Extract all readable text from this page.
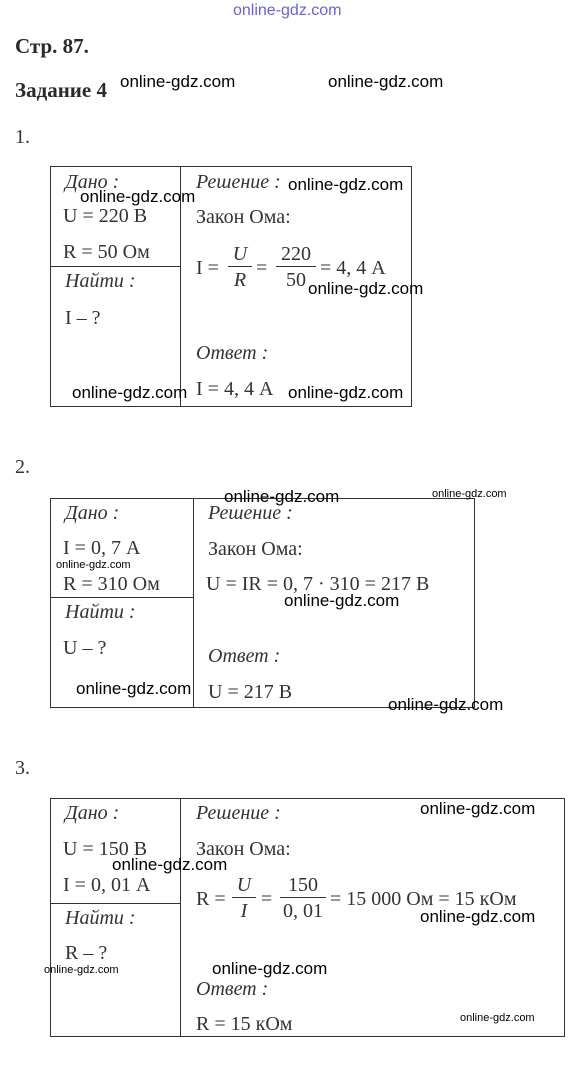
online-gdz.com
online-gdz.com	online-gdz.com
Стр. 87.
Задание 4
1.
Дано :
U = 220 В
R = 50 Ом
Найти :
I – ?
Решение :
Закон Ома:
$I = \frac{U}{R} = \frac{220}{50} = 4$, 4 А
Ответ :
I = 4, 4 А
online-gdz.com
online-gdz.com
online-gdz.com
online-gdz.com	online-gdz.com
2.
Дано :
I = 0, 7 А
R = 310 Ом
Найти :
U – ?
Решение :
Закон Ома:
U = IR = 0, 7 · 310 = 217 В
Ответ :
U = 217 В
online-gdz.com	online-gdz.com
online-gdz.com
online-gdz.com
online-gdz.com
online-gdz.com
3.
Дано :
U = 150 В
I = 0, 01 А
Найти :
R – ?
Решение :
Закон Ома:
$R = \frac{U}{I} = \frac{150}{0, 01} = 15$ 000 Ом = 15 кОм
Ответ :
R = 15 кОм
online-gdz.com
online-gdz.com
online-gdz.com
online-gdz.com	online-gdz.com
online-gdz.com
